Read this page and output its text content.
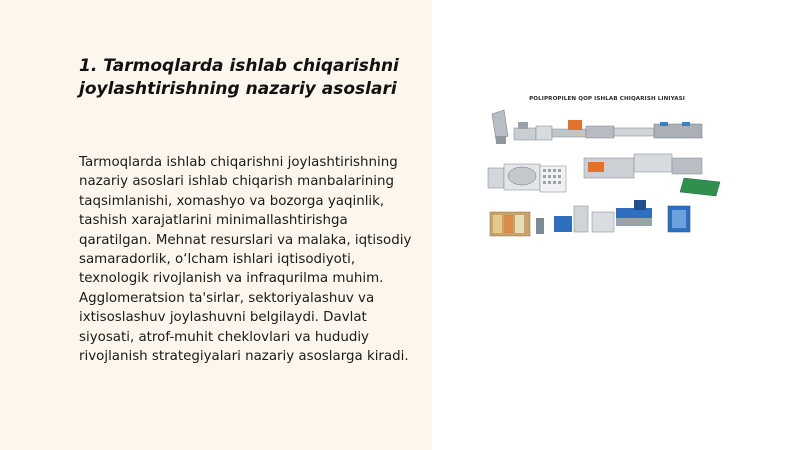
1. Tarmoqlarda ishlab chiqarishni joylashtirishning nazariy asoslari

Tarmoqlarda ishlab chiqarishni joylashtirishning nazariy asoslari ishlab chiqarish manbalarining taqsimlanishi, xomashyo va bozorga yaqinlik, tashish xarajatlarini minimallashtirishga qaratilgan. Mehnat resurslari va malaka, iqtisodiy samaradorlik, o‘lcham ishlari iqtisodiyoti, texnologik rivojlanish va infraqurilma muhim. Agglomeratsion ta'sirlar, sektoriyalashuv va ixtisoslashuv joylashuvni belgilaydi. Davlat siyosati, atrof-muhit cheklovlari va hududiy rivojlanish strategiyalari nazariy asoslarga kiradi.

POLIPROPILEN QOP ISHLAB CHIQARISH LINIYASI
